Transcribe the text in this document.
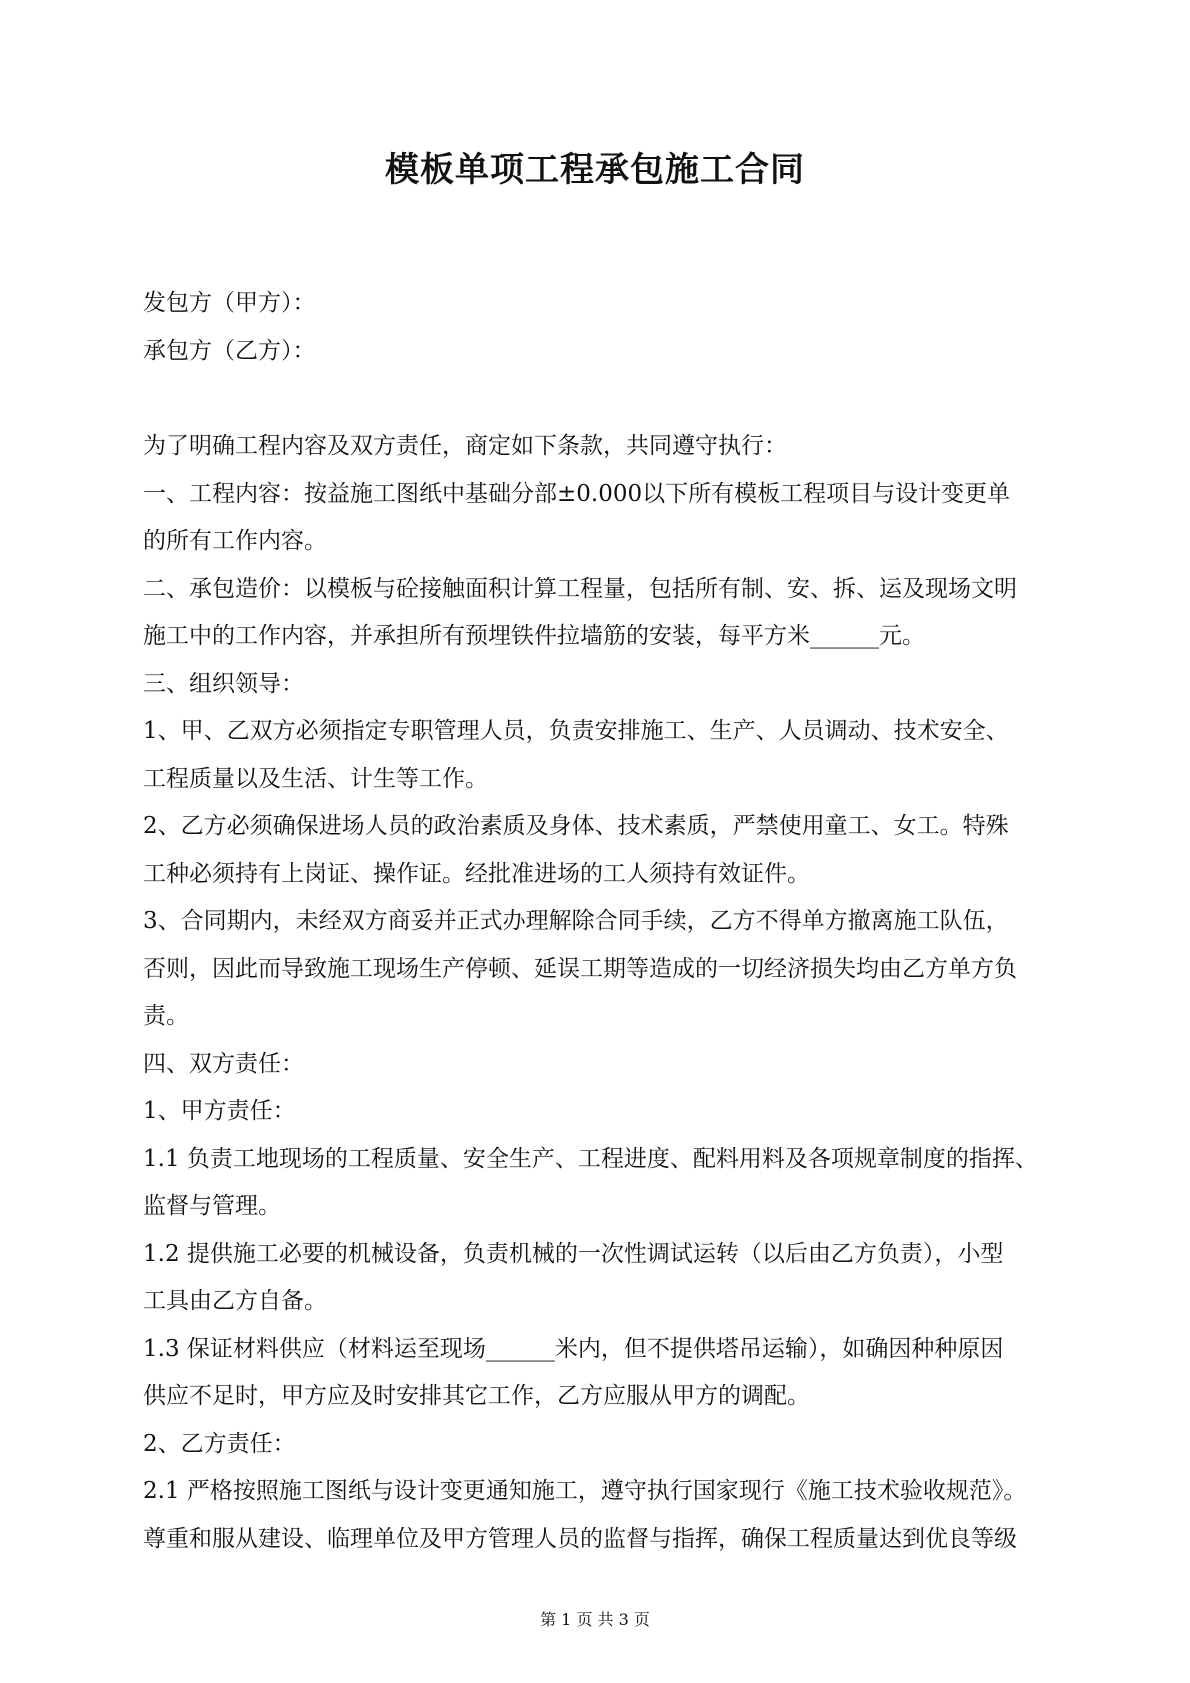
模板单项工程承包施工合同

发包方（甲方）：

承包方（乙方）：

为了明确工程内容及双方责任，商定如下条款，共同遵守执行：

一、工程内容：按益施工图纸中基础分部±0.000以下所有模板工程项目与设计变更单

的所有工作内容。

二、承包造价：以模板与砼接触面积计算工程量，包括所有制、安、拆、运及现场文明

施工中的工作内容，并承担所有预埋铁件拉墙筋的安装，每平方米______元。

三、组织领导：

1、甲、乙双方必须指定专职管理人员，负责安排施工、生产、人员调动、技术安全、

工程质量以及生活、计生等工作。

2、乙方必须确保进场人员的政治素质及身体、技术素质，严禁使用童工、女工。特殊

工种必须持有上岗证、操作证。经批准进场的工人须持有效证件。

3、合同期内，未经双方商妥并正式办理解除合同手续，乙方不得单方撤离施工队伍，

否则，因此而导致施工现场生产停顿、延误工期等造成的一切经济损失均由乙方单方负

责。

四、双方责任：

1、甲方责任：

1.1 负责工地现场的工程质量、安全生产、工程进度、配料用料及各项规章制度的指挥、

监督与管理。

1.2 提供施工必要的机械设备，负责机械的一次性调试运转（以后由乙方负责），小型

工具由乙方自备。

1.3 保证材料供应（材料运至现场______米内，但不提供塔吊运输），如确因种种原因

供应不足时，甲方应及时安排其它工作，乙方应服从甲方的调配。

2、乙方责任：

2.1 严格按照施工图纸与设计变更通知施工，遵守执行国家现行《施工技术验收规范》。

尊重和服从建设、临理单位及甲方管理人员的监督与指挥，确保工程质量达到优良等级

第 1 页 共 3 页
